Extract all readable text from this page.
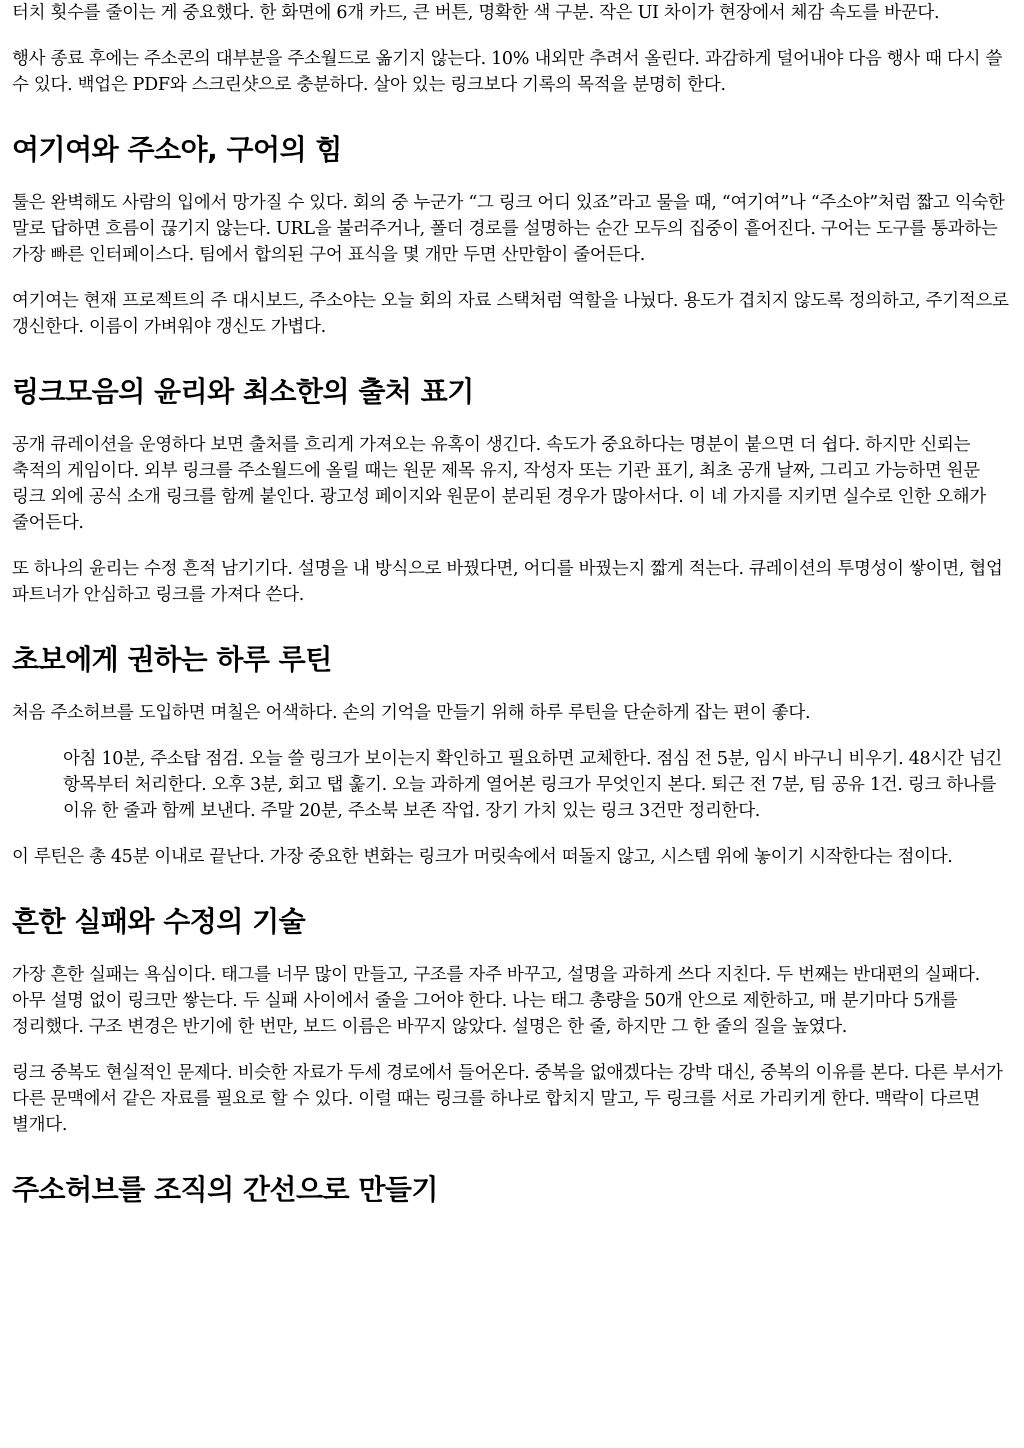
터치 횟수를 줄이는 게 중요했다. 한 화면에 6개 카드, 큰 버튼, 명확한 색 구분. 작은 UI 차이가 현장에서 체감 속도를 바꾼다.

행사 종료 후에는 주소콘의 대부분을 주소월드로 옮기지 않는다. 10% 내외만 추려서 올린다. 과감하게 덜어내야 다음 행사 때 다시 쓸 수 있다. 백업은 PDF와 스크린샷으로 충분하다. 살아 있는 링크보다 기록의 목적을 분명히 한다.

여기여와 주소야, 구어의 힘

툴은 완벽해도 사람의 입에서 망가질 수 있다. 회의 중 누군가 “그 링크 어디 있죠”라고 물을 때, “여기여”나 “주소야”처럼 짧고 익숙한 말로 답하면 흐름이 끊기지 않는다. URL을 불러주거나, 폴더 경로를 설명하는 순간 모두의 집중이 흩어진다. 구어는 도구를 통과하는 가장 빠른 인터페이스다. 팀에서 합의된 구어 표식을 몇 개만 두면 산만함이 줄어든다.

여기여는 현재 프로젝트의 주 대시보드, 주소야는 오늘 회의 자료 스택처럼 역할을 나눴다. 용도가 겹치지 않도록 정의하고, 주기적으로 갱신한다. 이름이 가벼워야 갱신도 가볍다.

링크모음의 윤리와 최소한의 출처 표기

공개 큐레이션을 운영하다 보면 출처를 흐리게 가져오는 유혹이 생긴다. 속도가 중요하다는 명분이 붙으면 더 쉽다. 하지만 신뢰는 축적의 게임이다. 외부 링크를 주소월드에 올릴 때는 원문 제목 유지, 작성자 또는 기관 표기, 최초 공개 날짜, 그리고 가능하면 원문 링크 외에 공식 소개 링크를 함께 붙인다. 광고성 페이지와 원문이 분리된 경우가 많아서다. 이 네 가지를 지키면 실수로 인한 오해가 줄어든다.

또 하나의 윤리는 수정 흔적 남기기다. 설명을 내 방식으로 바꿨다면, 어디를 바꿨는지 짧게 적는다. 큐레이션의 투명성이 쌓이면, 협업 파트너가 안심하고 링크를 가져다 쓴다.

초보에게 권하는 하루 루틴

처음 주소허브를 도입하면 며칠은 어색하다. 손의 기억을 만들기 위해 하루 루틴을 단순하게 잡는 편이 좋다.

아침 10분, 주소탑 점검. 오늘 쓸 링크가 보이는지 확인하고 필요하면 교체한다. 점심 전 5분, 임시 바구니 비우기. 48시간 넘긴 항목부터 처리한다. 오후 3분, 회고 탭 훑기. 오늘 과하게 열어본 링크가 무엇인지 본다. 퇴근 전 7분, 팀 공유 1건. 링크 하나를 이유 한 줄과 함께 보낸다. 주말 20분, 주소북 보존 작업. 장기 가치 있는 링크 3건만 정리한다.

이 루틴은 총 45분 이내로 끝난다. 가장 중요한 변화는 링크가 머릿속에서 떠돌지 않고, 시스템 위에 놓이기 시작한다는 점이다.

흔한 실패와 수정의 기술

가장 흔한 실패는 욕심이다. 태그를 너무 많이 만들고, 구조를 자주 바꾸고, 설명을 과하게 쓰다 지친다. 두 번째는 반대편의 실패다. 아무 설명 없이 링크만 쌓는다. 두 실패 사이에서 줄을 그어야 한다. 나는 태그 총량을 50개 안으로 제한하고, 매 분기마다 5개를 정리했다. 구조 변경은 반기에 한 번만, 보드 이름은 바꾸지 않았다. 설명은 한 줄, 하지만 그 한 줄의 질을 높였다.

링크 중복도 현실적인 문제다. 비슷한 자료가 두세 경로에서 들어온다. 중복을 없애겠다는 강박 대신, 중복의 이유를 본다. 다른 부서가 다른 문맥에서 같은 자료를 필요로 할 수 있다. 이럴 때는 링크를 하나로 합치지 말고, 두 링크를 서로 가리키게 한다. 맥락이 다르면 별개다.

주소허브를 조직의 간선으로 만들기
